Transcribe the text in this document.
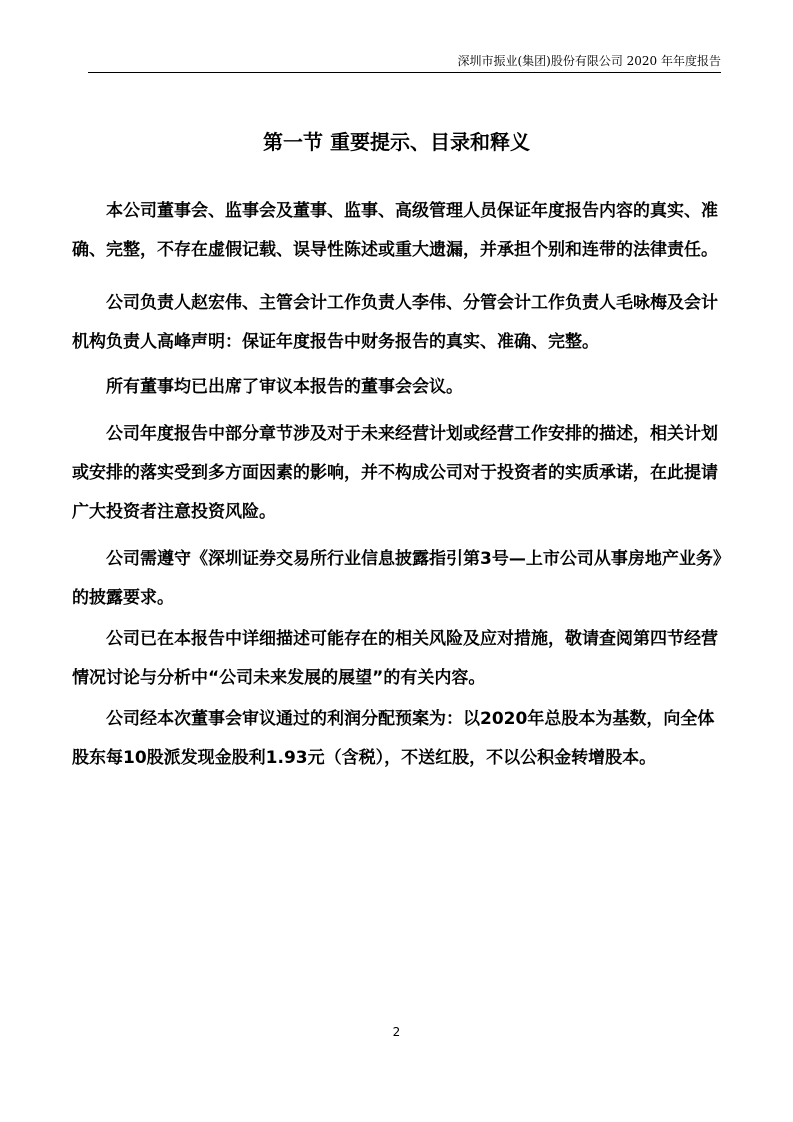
深圳市振业(集团)股份有限公司 2020 年年度报告
第一节 重要提示、目录和释义

本公司董事会、监事会及董事、监事、高级管理人员保证年度报告内容的真实、准确、完整，不存在虚假记载、误导性陈述或重大遗漏，并承担个别和连带的法律责任。

公司负责人赵宏伟、主管会计工作负责人李伟、分管会计工作负责人毛咏梅及会计机构负责人高峰声明：保证年度报告中财务报告的真实、准确、完整。

所有董事均已出席了审议本报告的董事会会议。

公司年度报告中部分章节涉及对于未来经营计划或经营工作安排的描述，相关计划或安排的落实受到多方面因素的影响，并不构成公司对于投资者的实质承诺，在此提请广大投资者注意投资风险。

公司需遵守《深圳证券交易所行业信息披露指引第3号—上市公司从事房地产业务》的披露要求。

公司已在本报告中详细描述可能存在的相关风险及应对措施，敬请查阅第四节经营情况讨论与分析中“公司未来发展的展望”的有关内容。

公司经本次董事会审议通过的利润分配预案为：以2020年总股本为基数，向全体股东每10股派发现金股利1.93元（含税），不送红股，不以公积金转增股本。

2
